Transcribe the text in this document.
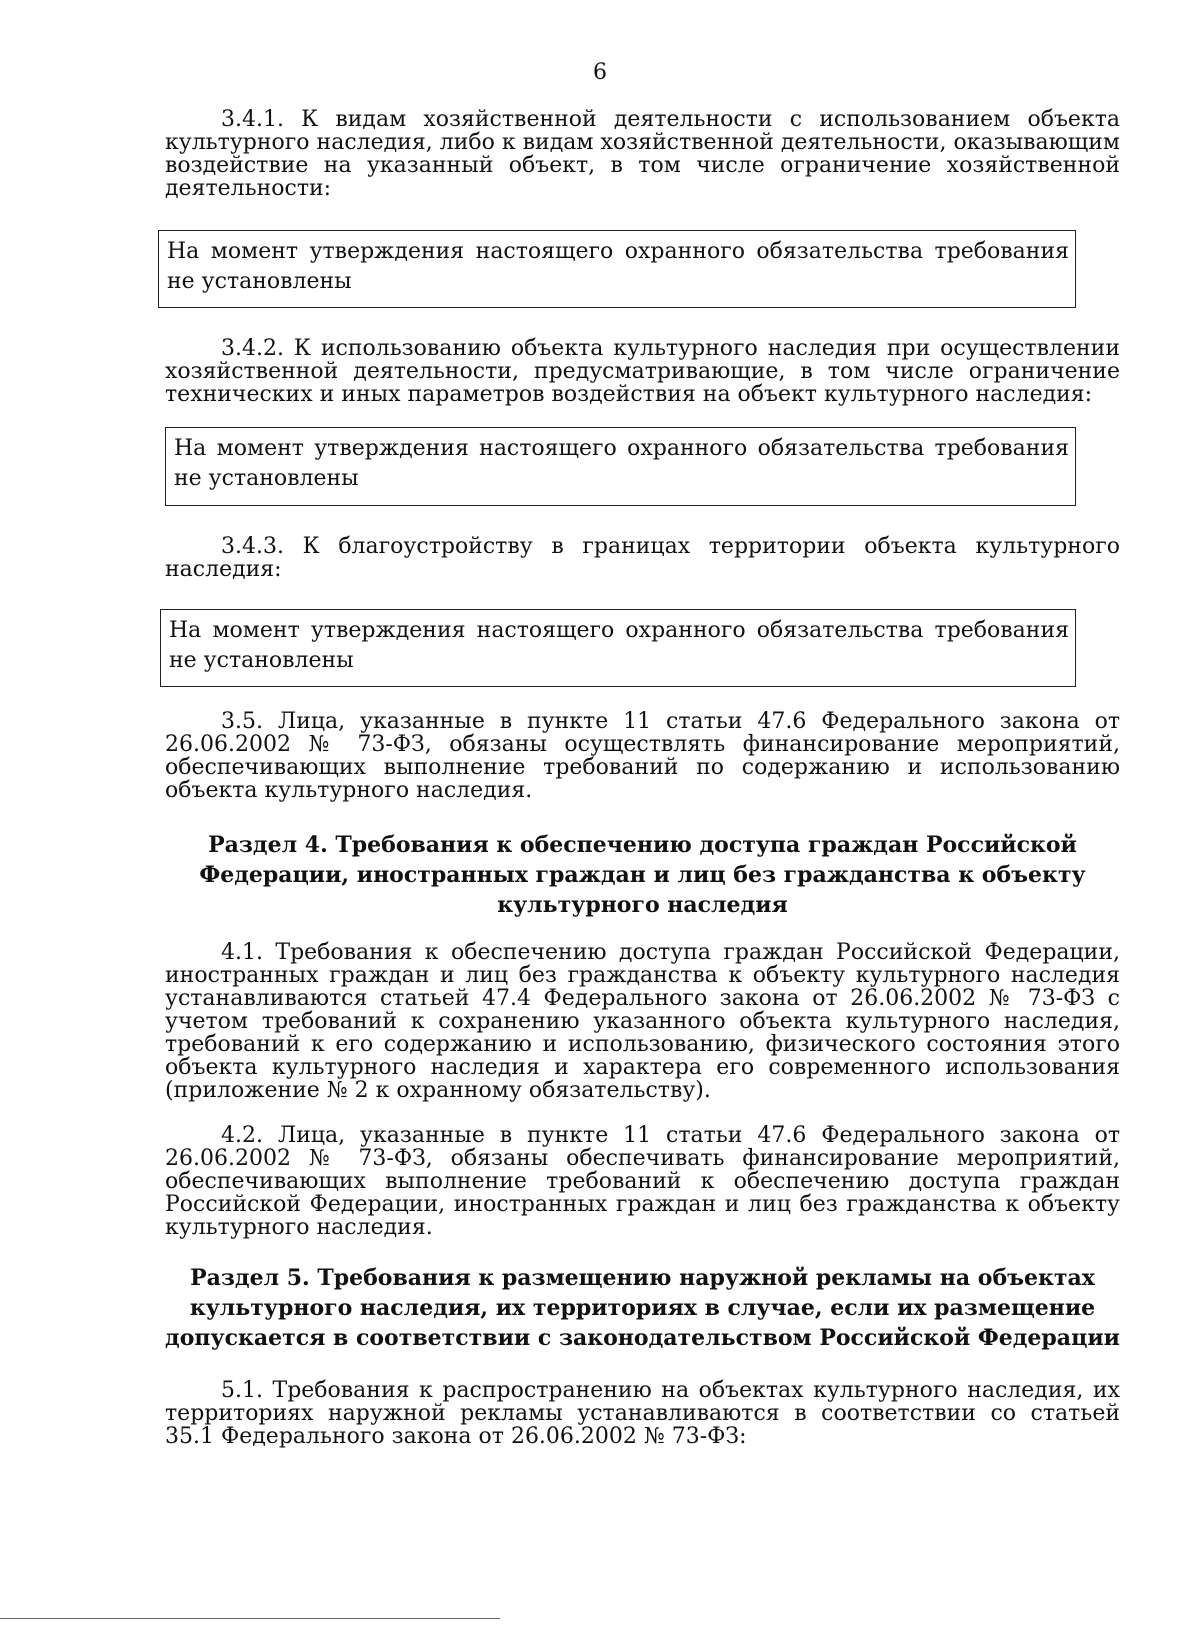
6

3.4.1. К видам хозяйственной деятельности с использованием объекта культурного наследия, либо к видам хозяйственной деятельности, оказывающим воздействие на указанный объект, в том числе ограничение хозяйственной деятельности:

На момент утверждения настоящего охранного обязательства требования не установлены

3.4.2. К использованию объекта культурного наследия при осуществлении хозяйственной деятельности, предусматривающие, в том числе ограничение технических и иных параметров воздействия на объект культурного наследия:

На момент утверждения настоящего охранного обязательства требования не установлены

3.4.3. К благоустройству в границах территории объекта культурного наследия:

На момент утверждения настоящего охранного обязательства требования не установлены

3.5. Лица, указанные в пункте 11 статьи 47.6 Федерального закона от 26.06.2002 № 73-ФЗ, обязаны осуществлять финансирование мероприятий, обеспечивающих выполнение требований по содержанию и использованию объекта культурного наследия.

Раздел 4. Требования к обеспечению доступа граждан Российской Федерации, иностранных граждан и лиц без гражданства к объекту культурного наследия

4.1. Требования к обеспечению доступа граждан Российской Федерации, иностранных граждан и лиц без гражданства к объекту культурного наследия устанавливаются статьей 47.4 Федерального закона от 26.06.2002 № 73-ФЗ с учетом требований к сохранению указанного объекта культурного наследия, требований к его содержанию и использованию, физического состояния этого объекта культурного наследия и характера его современного использования (приложение № 2 к охранному обязательству).

4.2. Лица, указанные в пункте 11 статьи 47.6 Федерального закона от 26.06.2002 № 73-ФЗ, обязаны обеспечивать финансирование мероприятий, обеспечивающих выполнение требований к обеспечению доступа граждан Российской Федерации, иностранных граждан и лиц без гражданства к объекту культурного наследия.

Раздел 5. Требования к размещению наружной рекламы на объектах культурного наследия, их территориях в случае, если их размещение допускается в соответствии с законодательством Российской Федерации

5.1. Требования к распространению на объектах культурного наследия, их территориях наружной рекламы устанавливаются в соответствии со статьей 35.1 Федерального закона от 26.06.2002 № 73-ФЗ:
